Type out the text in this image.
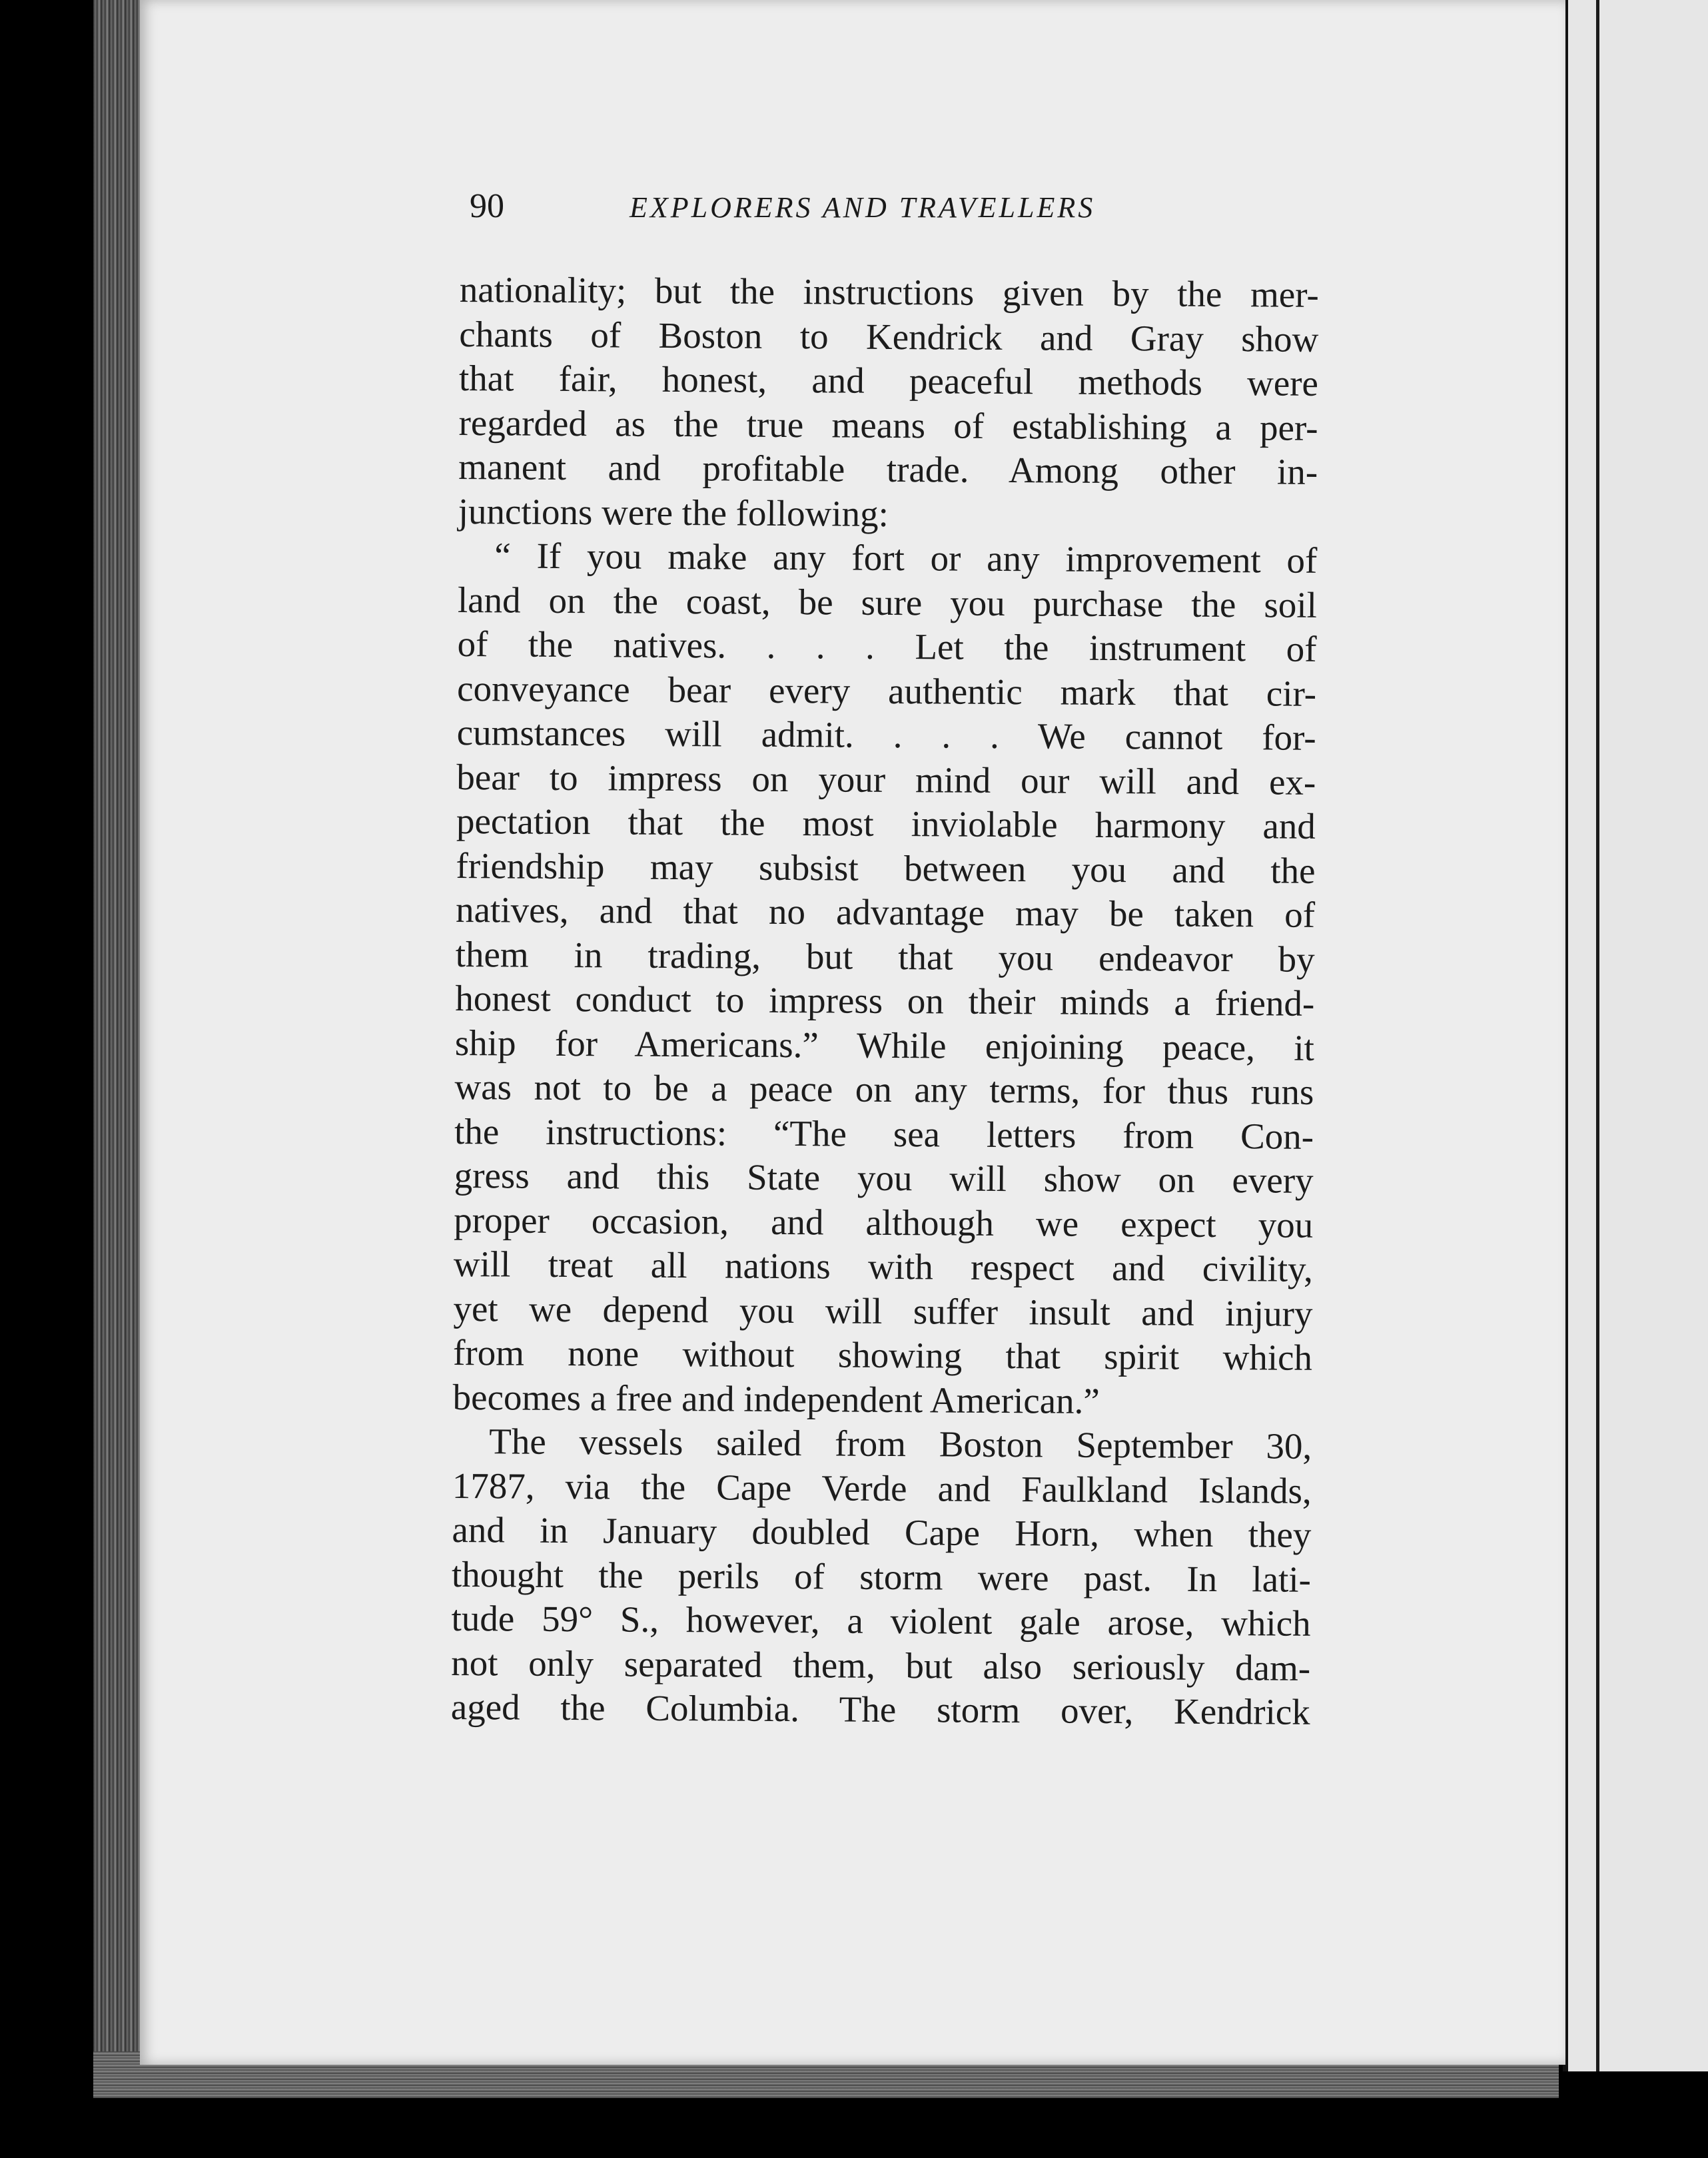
90	EXPLORERS AND TRAVELLERS
nationality; but the instructions given by the mer-
chants of Boston to Kendrick and Gray show
that fair, honest, and peaceful methods were
regarded as the true means of establishing a per-
manent and profitable trade. Among other in-
junctions were the following:
“ If you make any fort or any improvement of
land on the coast, be sure you purchase the soil
of the natives. . . . Let the instrument of
conveyance bear every authentic mark that cir-
cumstances will admit. . . . We cannot for-
bear to impress on your mind our will and ex-
pectation that the most inviolable harmony and
friendship may subsist between you and the
natives, and that no advantage may be taken of
them in trading, but that you endeavor by
honest conduct to impress on their minds a friend-
ship for Americans.” While enjoining peace, it
was not to be a peace on any terms, for thus runs
the instructions: “The sea letters from Con-
gress and this State you will show on every
proper occasion, and although we expect you
will treat all nations with respect and civility,
yet we depend you will suffer insult and injury
from none without showing that spirit which
becomes a free and independent American.”
The vessels sailed from Boston September 30,
1787, via the Cape Verde and Faulkland Islands,
and in January doubled Cape Horn, when they
thought the perils of storm were past. In lati-
tude 59° S., however, a violent gale arose, which
not only separated them, but also seriously dam-
aged the Columbia. The storm over, Kendrick
